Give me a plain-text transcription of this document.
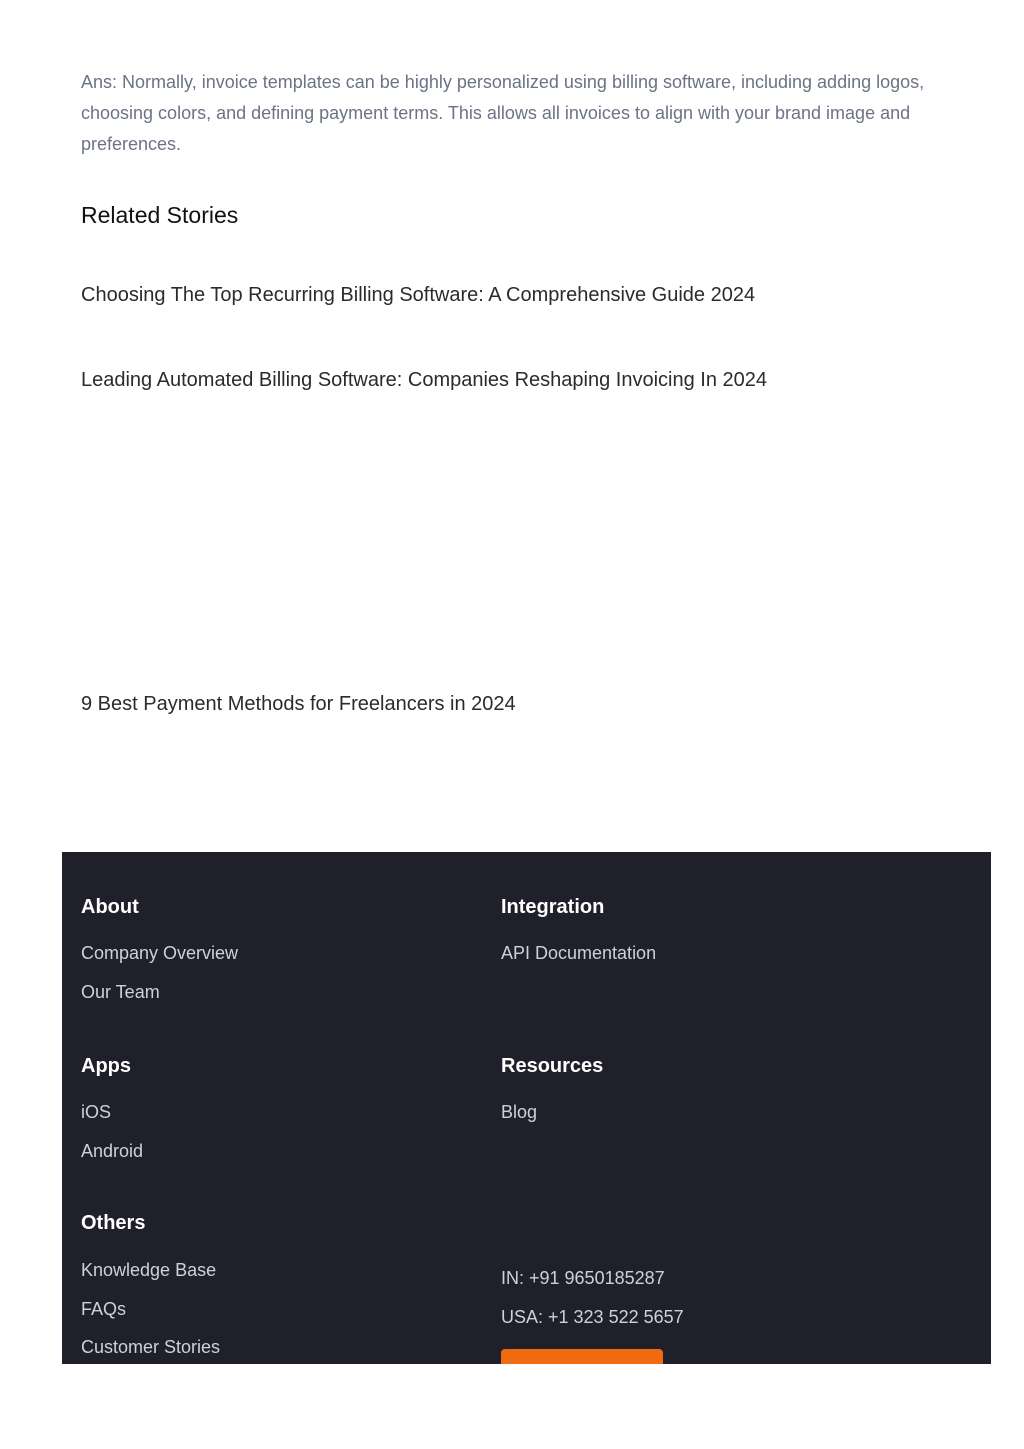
Ans: Normally, invoice templates can be highly personalized using billing software, including adding logos, choosing colors, and defining payment terms. This allows all invoices to align with your brand image and preferences.

Related Stories
Choosing The Top Recurring Billing Software: A Comprehensive Guide 2024
Leading Automated Billing Software: Companies Reshaping Invoicing In 2024
9 Best Payment Methods for Freelancers in 2024
About
Company Overview
Our Team
Integration
API Documentation
Apps
iOS
Android
Resources
Blog
Others
Knowledge Base
FAQs
Customer Stories
IN: +91 9650185287
USA: +1 323 522 5657
